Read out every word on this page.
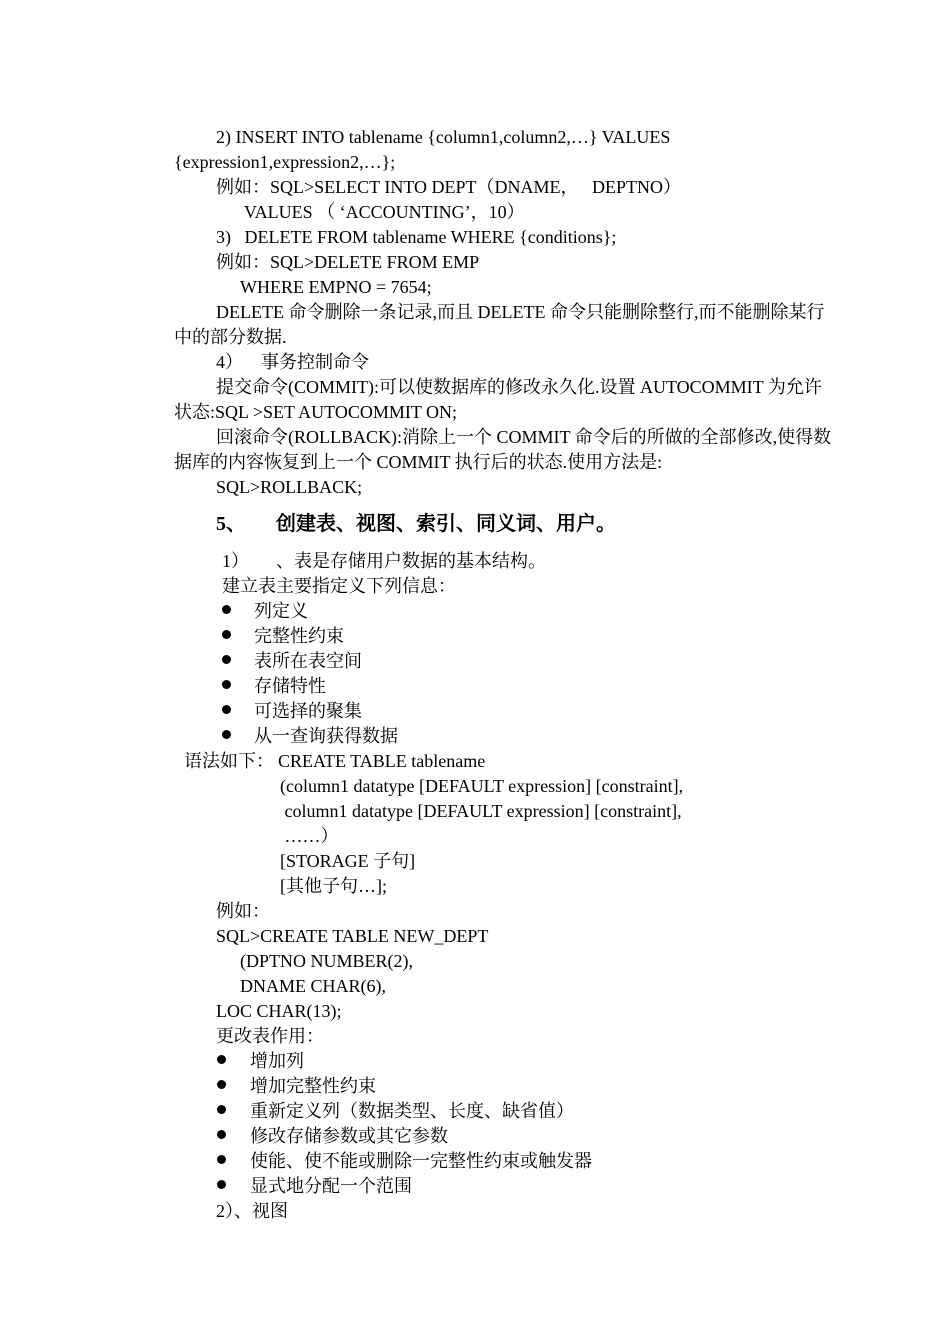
2) INSERT INTO tablename {column1,column2,…} VALUES
{expression1,expression2,…};
例如：SQL>SELECT INTO DEPT（DNAME，   DEPTNO）
VALUES （ ‘ACCOUNTING’，10）
3)   DELETE FROM tablename WHERE {conditions};
例如：SQL>DELETE FROM EMP
WHERE EMPNO = 7654;
DELETE 命令删除一条记录,而且 DELETE 命令只能删除整行,而不能删除某行
中的部分数据.
4）    事务控制命令
提交命令(COMMIT):可以使数据库的修改永久化.设置 AUTOCOMMIT 为允许
状态:SQL >SET AUTOCOMMIT ON;
回滚命令(ROLLBACK):消除上一个 COMMIT 命令后的所做的全部修改,使得数
据库的内容恢复到上一个 COMMIT 执行后的状态.使用方法是:
SQL>ROLLBACK;
5、      创建表、视图、索引、同义词、用户。
1）      、表是存储用户数据的基本结构。
建立表主要指定义下列信息：
列定义
完整性约束
表所在表空间
存储特性
可选择的聚集
从一查询获得数据
语法如下： CREATE TABLE tablename
(column1 datatype [DEFAULT expression] [constraint],
column1 datatype [DEFAULT expression] [constraint],
……）
[STORAGE 子句]
[其他子句…];
例如：
SQL>CREATE TABLE NEW_DEPT
(DPTNO NUMBER(2),
DNAME CHAR(6),
LOC CHAR(13);
更改表作用：
增加列
增加完整性约束
重新定义列（数据类型、长度、缺省值）
修改存储参数或其它参数
使能、使不能或删除一完整性约束或触发器
显式地分配一个范围
2）、视图
